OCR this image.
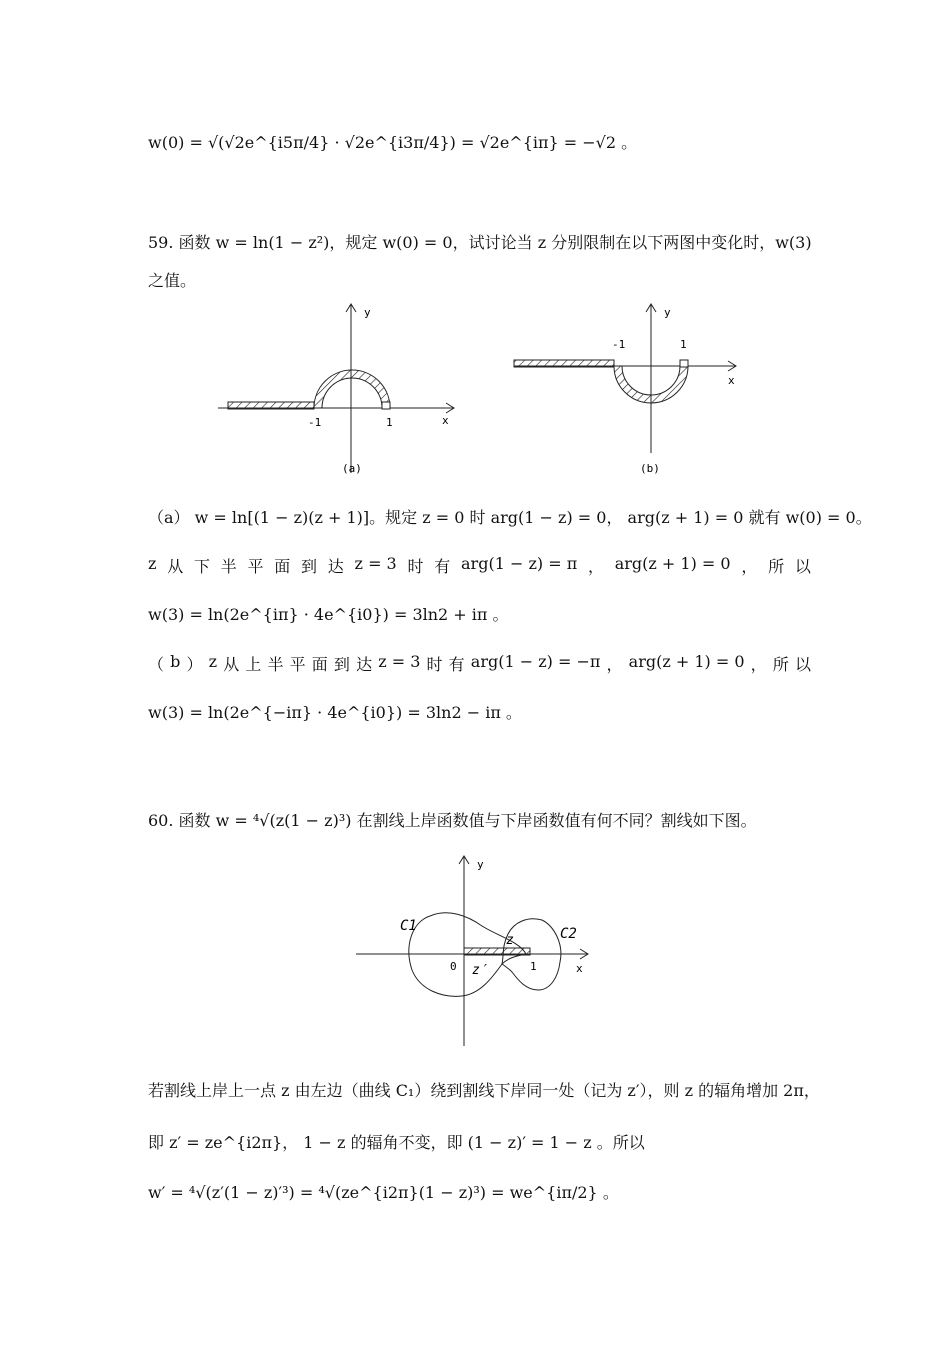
w(0) = √(√2e^{i5π/4} · √2e^{i3π/4}) = √2e^{iπ} = −√2 。
59. 函数 w = ln(1 − z²)，规定 w(0) = 0，试讨论当 z 分别限制在以下两图中变化时，w(3)
之值。
y
x
-1	1
(a)
y
x
-1	1
(b)
（a） w = ln[(1 − z)(z + 1)]。规定 z = 0 时 arg(1 − z) = 0， arg(z + 1) = 0 就有 w(0) = 0。
z 从 下 半 平 面 到 达 z = 3 时 有 arg(1 − z) = π ， arg(z + 1) = 0 ， 所 以
w(3) = ln(2e^{iπ} · 4e^{i0}) = 3ln2 + iπ 。
（ b ） z 从 上 半 平 面 到 达 z = 3 时 有 arg(1 − z) = −π ， arg(z + 1) = 0 ， 所 以
w(3) = ln(2e^{−iπ} · 4e^{i0}) = 3ln2 − iπ 。
60. 函数 w = ⁴√(z(1 − z)³) 在割线上岸函数值与下岸函数值有何不同？割线如下图。
y
x
0	1
C1	C2
z
z′
若割线上岸上一点 z 由左边（曲线 C₁）绕到割线下岸同一处（记为 z′），则 z 的辐角增加 2π，
即 z′ = ze^{i2π}， 1 − z 的辐角不变，即 (1 − z)′ = 1 − z 。所以
w′ = ⁴√(z′(1 − z)′³) = ⁴√(ze^{i2π}(1 − z)³) = we^{iπ/2} 。
